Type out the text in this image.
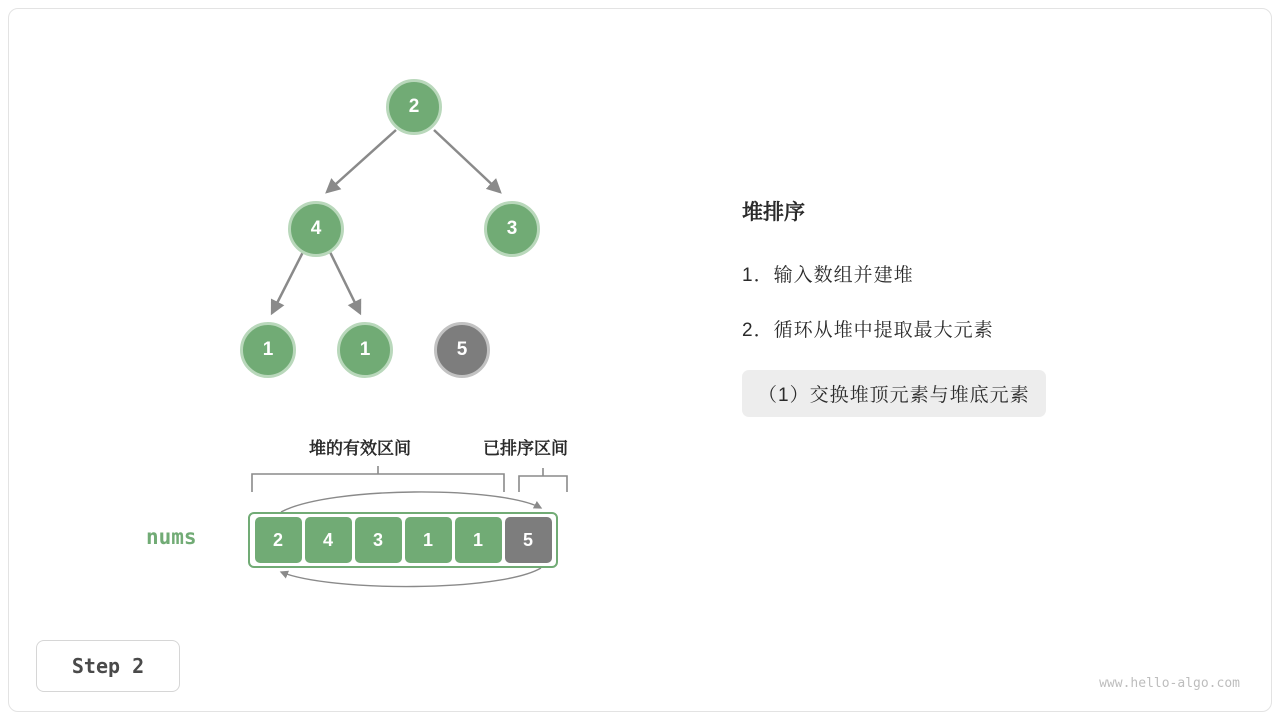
2
4	3
1	1	5
堆的有效区间	已排序区间
nums	2 4 3 1 1 5
堆排序
1．输入数组并建堆
2．循环从堆中提取最大元素
（1）交换堆顶元素与堆底元素
Step 2
www.hello-algo.com
